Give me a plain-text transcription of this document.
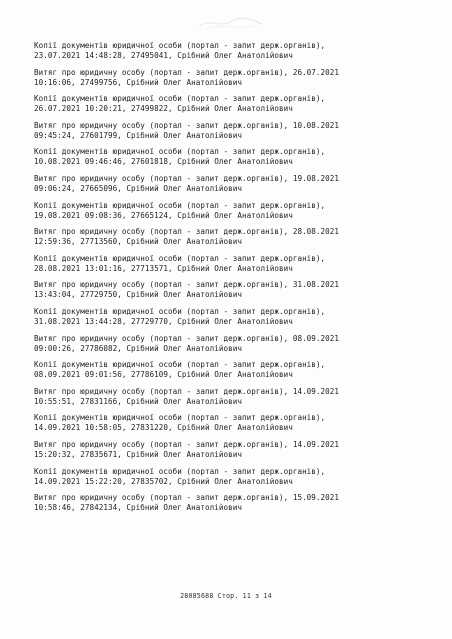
Копії документів юридичної особи (портал - запит держ.органів),
23.07.2021 14:48:28, 27495041, Срібний Олег Анатолійович
Витяг про юридичну особу (портал - запит держ.органів), 26.07.2021
10:16:06, 27499756, Срібний Олег Анатолійович
Копії документів юридичної особи (портал - запит держ.органів),
26.07.2021 10:20:21, 27499822, Срібний Олег Анатолійович
Витяг про юридичну особу (портал - запит держ.органів), 10.08.2021
09:45:24, 27601799, Срібний Олег Анатолійович
Копії документів юридичної особи (портал - запит держ.органів),
10.08.2021 09:46:46, 27601818, Срібний Олег Анатолійович
Витяг про юридичну особу (портал - запит держ.органів), 19.08.2021
09:06:24, 27665096, Срібний Олег Анатолійович
Копії документів юридичної особи (портал - запит держ.органів),
19.08.2021 09:08:36, 27665124, Срібний Олег Анатолійович
Витяг про юридичну особу (портал - запит держ.органів), 28.08.2021
12:59:36, 27713560, Срібний Олег Анатолійович
Копії документів юридичної особи (портал - запит держ.органів),
28.08.2021 13:01:16, 27713571, Срібний Олег Анатолійович
Витяг про юридичну особу (портал - запит держ.органів), 31.08.2021
13:43:04, 27729750, Срібний Олег Анатолійович
Копії документів юридичної особи (портал - запит держ.органів),
31.08.2021 13:44:28, 27729770, Срібний Олег Анатолійович
Витяг про юридичну особу (портал - запит держ.органів), 08.09.2021
09:00:26, 27786082, Срібний Олег Анатолійович
Копії документів юридичної особи (портал - запит держ.органів),
08.09.2021 09:01:56, 27786109, Срібний Олег Анатолійович
Витяг про юридичну особу (портал - запит держ.органів), 14.09.2021
10:55:51, 27831166, Срібний Олег Анатолійович
Копії документів юридичної особи (портал - запит держ.органів),
14.09.2021 10:58:05, 27831220, Срібний Олег Анатолійович
Витяг про юридичну особу (портал - запит держ.органів), 14.09.2021
15:20:32, 27835671, Срібний Олег Анатолійович
Копії документів юридичної особи (портал - запит держ.органів),
14.09.2021 15:22:20, 27835702, Срібний Олег Анатолійович
Витяг про юридичну особу (портал - запит держ.органів), 15.09.2021
10:58:46, 27842134, Срібний Олег Анатолійович
28085688 Стор. 11 з 14
